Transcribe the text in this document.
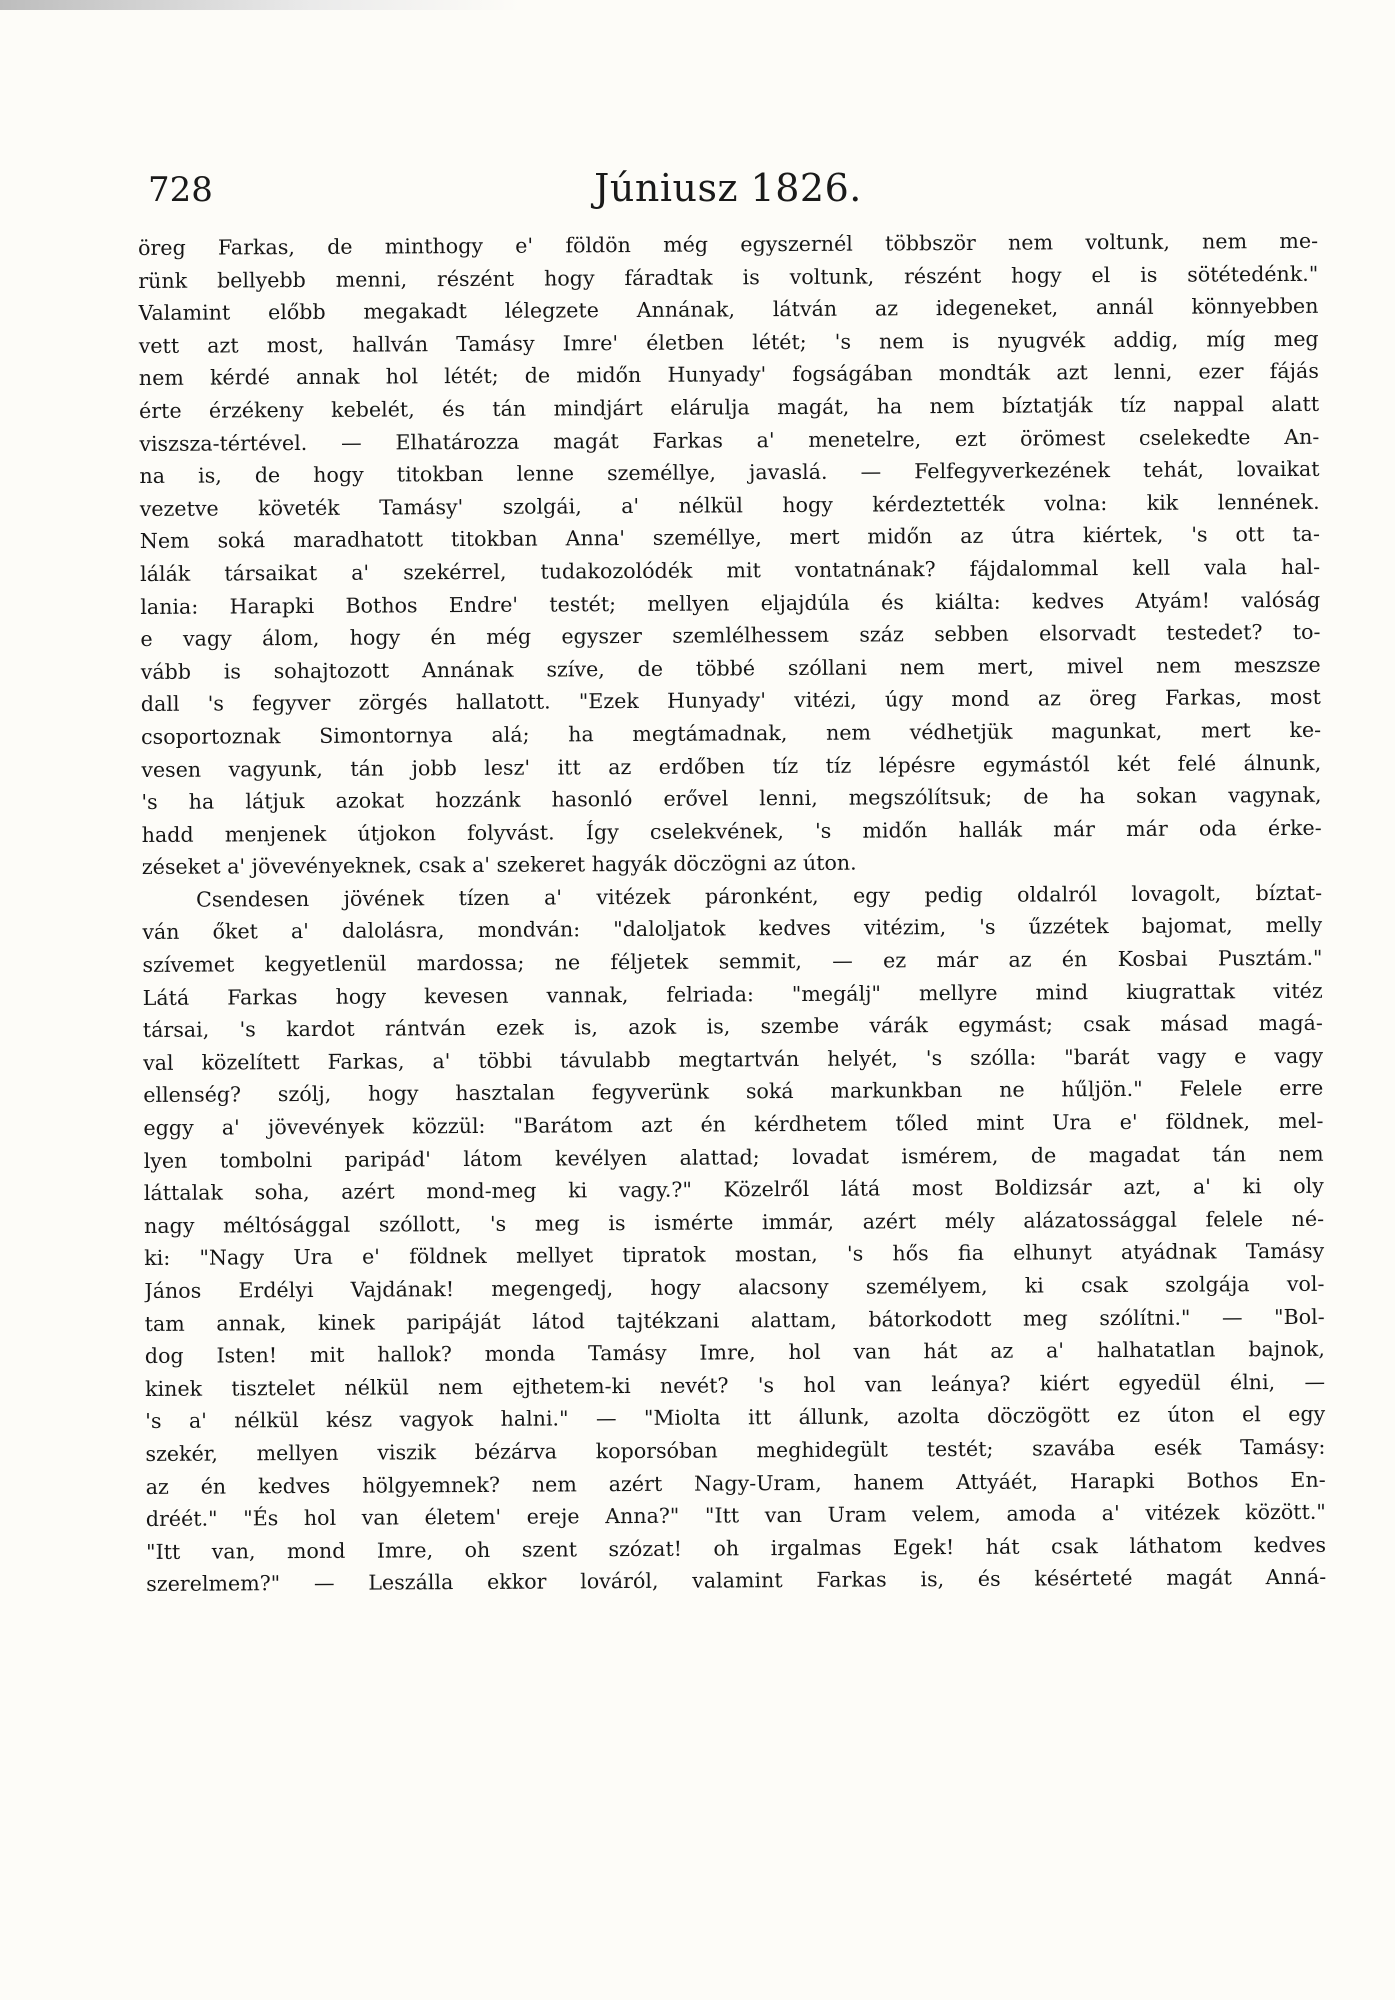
728	Júniusz 1826.
öreg Farkas, de minthogy e' földön még egyszernél többször nem voltunk, nem me-
rünk bellyebb menni, részént hogy fáradtak is voltunk, részént hogy el is sötétedénk."
Valamint előbb megakadt lélegzete Annának, látván az idegeneket, annál könnyebben
vett azt most, hallván Tamásy Imre' életben létét; 's nem is nyugvék addig, míg meg
nem kérdé annak hol létét; de midőn Hunyady' fogságában mondták azt lenni, ezer fájás
érte érzékeny kebelét, és tán mindjárt elárulja magát, ha nem bíztatják tíz nappal alatt
viszsza-tértével. — Elhatározza magát Farkas a' menetelre, ezt örömest cselekedte An-
na is, de hogy titokban lenne személlye, javaslá. — Felfegyverkezének tehát, lovaikat
vezetve követék Tamásy' szolgái, a' nélkül hogy kérdeztették volna: kik lennének.
Nem soká maradhatott titokban Anna' személlye, mert midőn az útra kiértek, 's ott ta-
lálák társaikat a' szekérrel, tudakozolódék mit vontatnának? fájdalommal kell vala hal-
lania: Harapki Bothos Endre' testét; mellyen eljajdúla és kiálta: kedves Atyám! valóság
e vagy álom, hogy én még egyszer szemlélhessem száz sebben elsorvadt testedet? to-
vább is sohajtozott Annának szíve, de többé szóllani nem mert, mivel nem meszsze
dall 's fegyver zörgés hallatott. "Ezek Hunyady' vitézi, úgy mond az öreg Farkas, most
csoportoznak Simontornya alá; ha megtámadnak, nem védhetjük magunkat, mert ke-
vesen vagyunk, tán jobb lesz' itt az erdőben tíz tíz lépésre egymástól két felé álnunk,
's ha látjuk azokat hozzánk hasonló erővel lenni, megszólítsuk; de ha sokan vagynak,
hadd menjenek útjokon folyvást. Így cselekvének, 's midőn hallák már már oda érke-
zéseket a' jövevényeknek, csak a' szekeret hagyák döczögni az úton.
Csendesen jövének tízen a' vitézek páronként, egy pedig oldalról lovagolt, bíztat-
ván őket a' dalolásra, mondván: "daloljatok kedves vitézim, 's űzzétek bajomat, melly
szívemet kegyetlenül mardossa; ne féljetek semmit, — ez már az én Kosbai Pusztám."
Látá Farkas hogy kevesen vannak, felriada: "megálj" mellyre mind kiugrattak vitéz
társai, 's kardot rántván ezek is, azok is, szembe várák egymást; csak másad magá-
val közelített Farkas, a' többi távulabb megtartván helyét, 's szólla: "barát vagy e vagy
ellenség? szólj, hogy hasztalan fegyverünk soká markunkban ne hűljön." Felele erre
eggy a' jövevények közzül: "Barátom azt én kérdhetem tőled mint Ura e' földnek, mel-
lyen tombolni paripád' látom kevélyen alattad; lovadat ismérem, de magadat tán nem
láttalak soha, azért mond-meg ki vagy.?" Közelről látá most Boldizsár azt, a' ki oly
nagy méltósággal szóllott, 's meg is ismérte immár, azért mély alázatossággal felele né-
ki: "Nagy Ura e' földnek mellyet tipratok mostan, 's hős fia elhunyt atyádnak Tamásy
János Erdélyi Vajdának! megengedj, hogy alacsony személyem, ki csak szolgája vol-
tam annak, kinek paripáját látod tajtékzani alattam, bátorkodott meg szólítni." — "Bol-
dog Isten! mit hallok? monda Tamásy Imre, hol van hát az a' halhatatlan bajnok,
kinek tisztelet nélkül nem ejthetem-ki nevét? 's hol van leánya? kiért egyedül élni, —
's a' nélkül kész vagyok halni." — "Miolta itt állunk, azolta döczögött ez úton el egy
szekér, mellyen viszik bézárva koporsóban meghidegült testét; szavába esék Tamásy:
az én kedves hölgyemnek? nem azért Nagy-Uram, hanem Attyáét, Harapki Bothos En-
dréét." "És hol van életem' ereje Anna?" "Itt van Uram velem, amoda a' vitézek között."
"Itt van, mond Imre, oh szent szózat! oh irgalmas Egek! hát csak láthatom kedves
szerelmem?" — Leszálla ekkor lováról, valamint Farkas is, és késérteté magát Anná-
